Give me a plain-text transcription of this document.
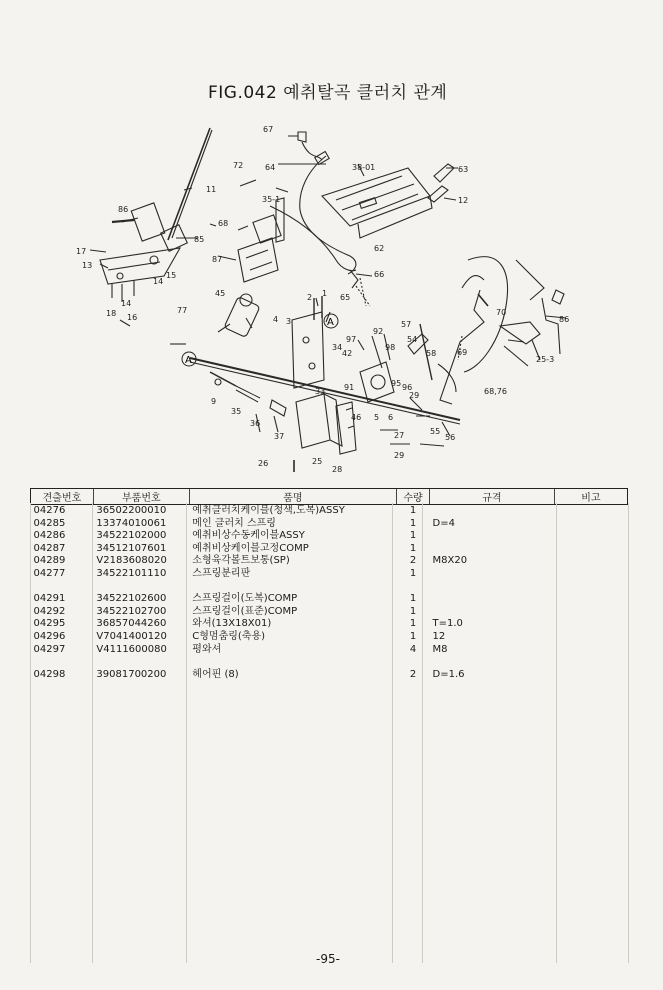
FIG.042 예취탈곡 클러치 관계
A
A
67
11
72	64	38-01	63
12
86
35-1
85
68
62
17
13
87
14
15	66
18
14
16
65
77
45	2 1
57
70
86
4 3
97
92
34
42
98
54
58	69
25-3
68,76
33 91	95 96
29
5 6
9
35
36
46
37
55
56
27
29
26	25
28
견출번호	부품번호	품명	수량	규격	비고
04276	36502200010	예취클러치케이블(청색,도복)ASSY	1		
04285	13374010061	메인 클러치 스프링	1	D=4	
04286	34522102000	예취비상수동케이블ASSY	1		
04287	34512107601	예취비상케이블고정COMP	1		
04289	V2183608020	소형육각볼트보통(SP)	2	M8X20	
04277	34522101110	스프링분리판	1		

04291	34522102600	스프링걸이(도복)COMP	1		
04292	34522102700	스프링걸이(표준)COMP	1		
04295	36857044260	와셔(13X18X01)	1	T=1.0	
04296	V7041400120	C형멈춤링(축용)	1	12	
04297	V4111600080	평와셔	4	M8	

04298	39081700200	헤어핀 (8)	2	D=1.6	
-95-
